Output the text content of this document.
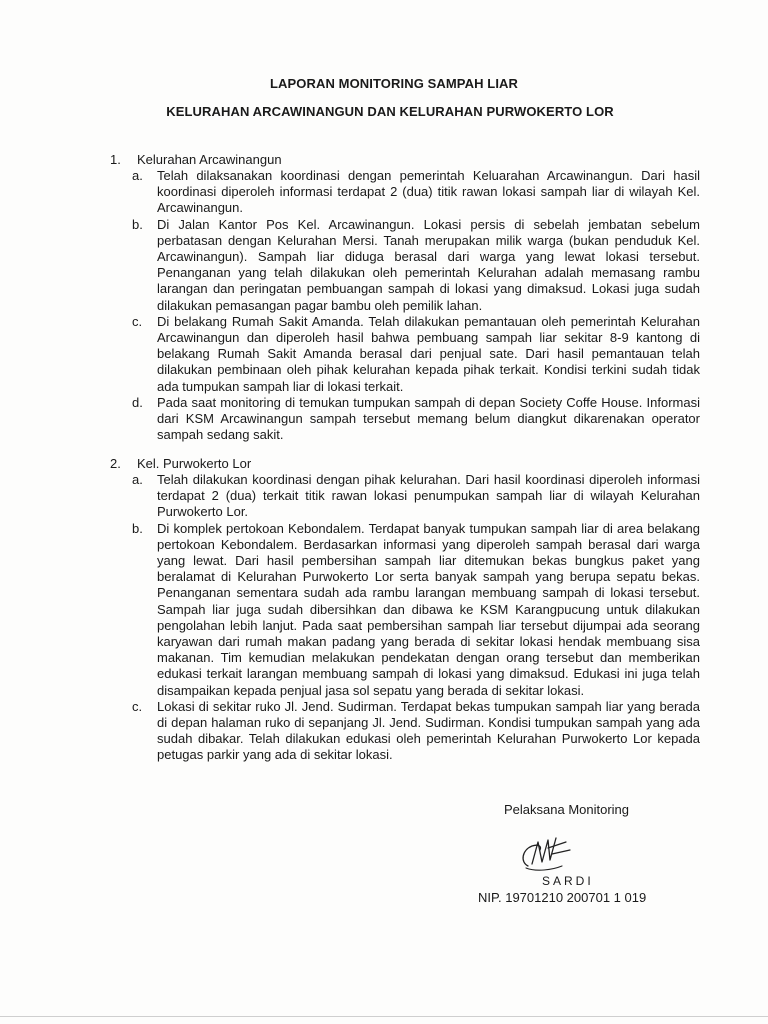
LAPORAN MONITORING SAMPAH LIAR

KELURAHAN ARCAWINANGUN DAN KELURAHAN PURWOKERTO LOR

1. Kelurahan Arcawinangun
a. Telah dilaksanakan koordinasi dengan pemerintah Keluarahan Arcawinangun. Dari hasil koordinasi diperoleh informasi terdapat 2 (dua) titik rawan lokasi sampah liar di wilayah Kel. Arcawinangun.
b. Di Jalan Kantor Pos Kel. Arcawinangun. Lokasi persis di sebelah jembatan sebelum perbatasan dengan Kelurahan Mersi. Tanah merupakan milik warga (bukan penduduk Kel. Arcawinangun). Sampah liar diduga berasal dari warga yang lewat lokasi tersebut. Penanganan yang telah dilakukan oleh pemerintah Kelurahan adalah memasang rambu larangan dan peringatan pembuangan sampah di lokasi yang dimaksud. Lokasi juga sudah dilakukan pemasangan pagar bambu oleh pemilik lahan.
c. Di belakang Rumah Sakit Amanda. Telah dilakukan pemantauan oleh pemerintah Kelurahan Arcawinangun dan diperoleh hasil bahwa pembuang sampah liar sekitar 8-9 kantong di belakang Rumah Sakit Amanda berasal dari penjual sate. Dari hasil pemantauan telah dilakukan pembinaan oleh pihak kelurahan kepada pihak terkait. Kondisi terkini sudah tidak ada tumpukan sampah liar di lokasi terkait.
d. Pada saat monitoring di temukan tumpukan sampah di depan Society Coffe House. Informasi dari KSM Arcawinangun sampah tersebut memang belum diangkut dikarenakan operator sampah sedang sakit.
2. Kel. Purwokerto Lor
a. Telah dilakukan koordinasi dengan pihak kelurahan. Dari hasil koordinasi diperoleh informasi terdapat 2 (dua) terkait titik rawan lokasi penumpukan sampah liar di wilayah Kelurahan Purwokerto Lor.
b. Di komplek pertokoan Kebondalem. Terdapat banyak tumpukan sampah liar di area belakang pertokoan Kebondalem. Berdasarkan informasi yang diperoleh sampah berasal dari warga yang lewat. Dari hasil pembersihan sampah liar ditemukan bekas bungkus paket yang beralamat di Kelurahan Purwokerto Lor serta banyak sampah yang berupa sepatu bekas. Penanganan sementara sudah ada rambu larangan membuang sampah di lokasi tersebut. Sampah liar juga sudah dibersihkan dan dibawa ke KSM Karangpucung untuk dilakukan pengolahan lebih lanjut. Pada saat pembersihan sampah liar tersebut dijumpai ada seorang karyawan dari rumah makan padang yang berada di sekitar lokasi hendak membuang sisa makanan. Tim kemudian melakukan pendekatan dengan orang tersebut dan memberikan edukasi terkait larangan membuang sampah di lokasi yang dimaksud. Edukasi ini juga telah disampaikan kepada penjual jasa sol sepatu yang berada di sekitar lokasi.
c. Lokasi di sekitar ruko Jl. Jend. Sudirman. Terdapat bekas tumpukan sampah liar yang berada di depan halaman ruko di sepanjang Jl. Jend. Sudirman. Kondisi tumpukan sampah yang ada sudah dibakar. Telah dilakukan edukasi oleh pemerintah Kelurahan Purwokerto Lor kepada petugas parkir yang ada di sekitar lokasi.
Pelaksana Monitoring
SARDI
NIP. 19701210 200701 1 019
